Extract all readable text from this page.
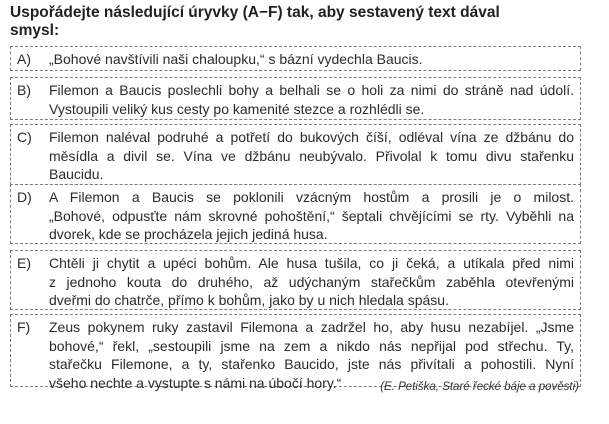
Uspořádejte následující úryvky (A−F) tak, aby sestavený text dával
smysl:

A)	„Bohové navštívili naši chaloupku,“ s bázní vydechla Baucis.
B)	Filemon a Baucis poslechli bohy a belhali se o holi za nimi do stráně nad údolí.
Vystoupili veliký kus cesty po kamenité stezce a rozhlédli se.
C)	Filemon naléval podruhé a potřetí do bukových číší, odléval vína ze džbánu do
měsídla a divil se. Vína ve džbánu neubývalo. Přivolal k tomu divu stařenku
Baucidu.
D)	A Filemon a Baucis se poklonili vzácným hostům a prosili je o milost.
„Bohové, odpusťte nám skrovné pohoštění,“ šeptali chvějícími se rty. Vyběhli na
dvorek, kde se procházela jejich jediná husa.
E)	Chtěli ji chytit a upéci bohům. Ale husa tušila, co ji čeká, a utíkala před nimi
z jednoho kouta do druhého, až udýchaným stařečkům zaběhla otevřenými
dveřmi do chatrče, přímo k bohům, jako by u nich hledala spásu.
F)	Zeus pokynem ruky zastavil Filemona a zadržel ho, aby husu nezabíjel. „Jsme
bohové,“ řekl, „sestoupili jsme na zem a nikdo nás nepřijal pod střechu. Ty,
stařečku Filemone, a ty, stařenko Baucido, jste nás přivítali a pohostili. Nyní
všeho nechte a vystupte s námi na úbočí hory.“	(E. Petiška, Staré řecké báje a pověsti)
